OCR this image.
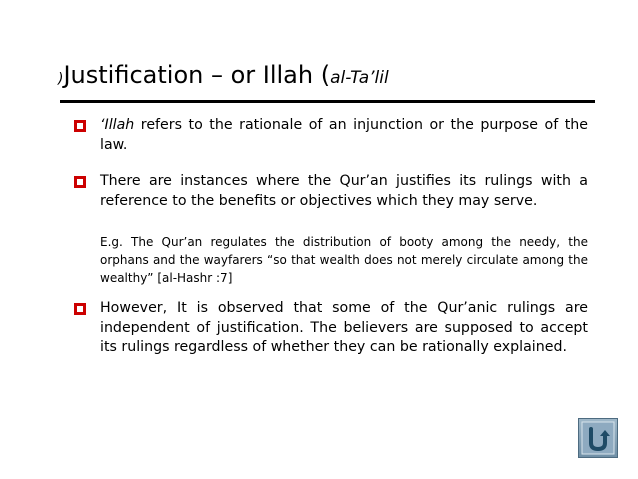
)Justification – or Illah (al-Ta’lil
‘Illah refers to the rationale of an injunction or the purpose of the law.
There are instances where the Qur’an justifies its rulings with a reference to the benefits or objectives which they may serve.
E.g. The Qur’an regulates the distribution of booty among the needy, the orphans and the wayfarers “so that wealth does not merely circulate among the wealthy” [al-Hashr :7]
However, It is observed that some of the Qur’anic rulings are independent of justification. The believers are supposed to accept its rulings regardless of whether they can be rationally explained.
